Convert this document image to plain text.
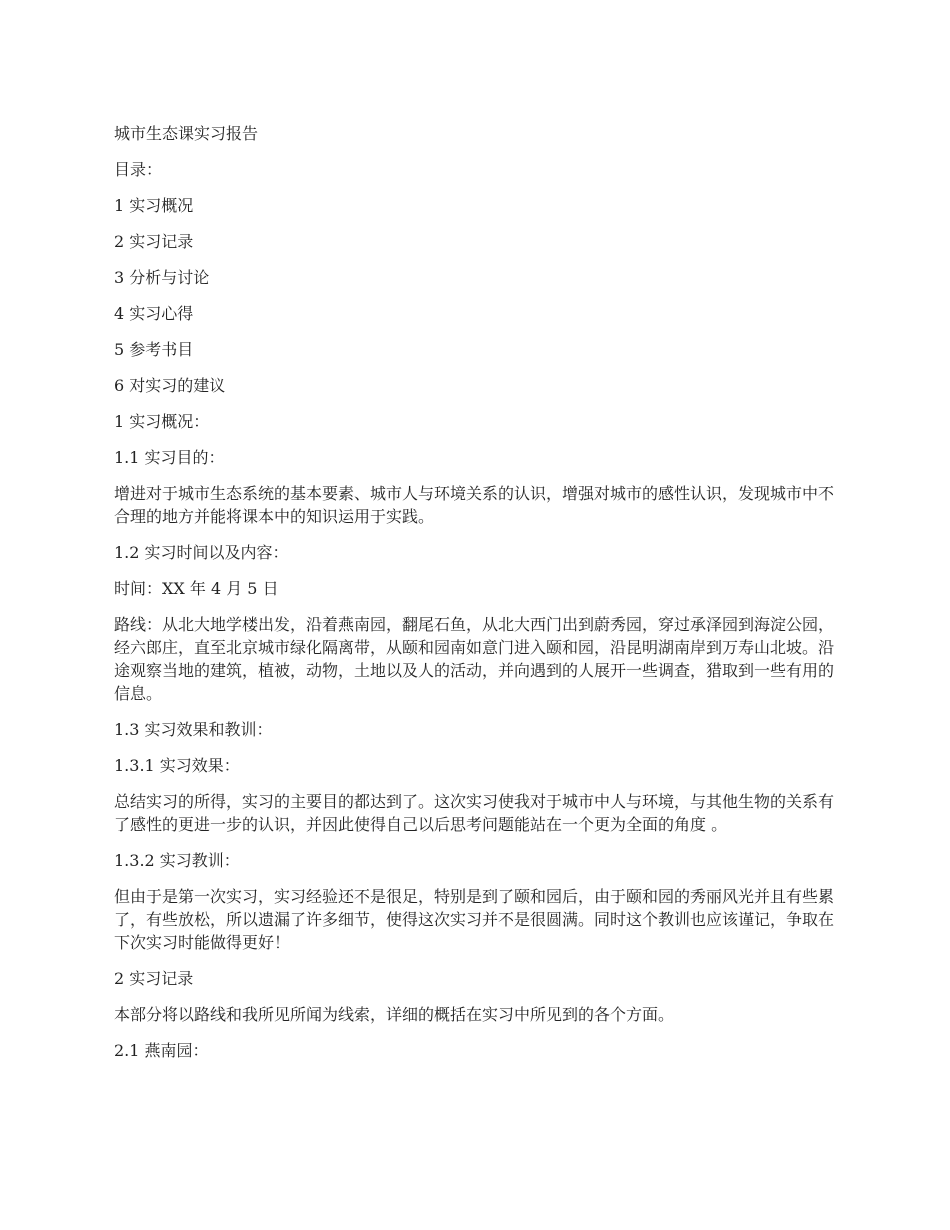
城市生态课实习报告

目录：

1 实习概况

2 实习记录

3 分析与讨论

4 实习心得

5 参考书目

6 对实习的建议

1 实习概况：

1.1 实习目的：

增进对于城市生态系统的基本要素、城市人与环境关系的认识，增强对城市的感性认识，发现城市中不合理的地方并能将课本中的知识运用于实践。

1.2 实习时间以及内容：

时间：XX 年 4 月 5 日

路线：从北大地学楼出发，沿着燕南园，翻尾石鱼，从北大西门出到蔚秀园，穿过承泽园到海淀公园，经六郎庄，直至北京城市绿化隔离带，从颐和园南如意门进入颐和园，沿昆明湖南岸到万寿山北坡。沿途观察当地的建筑，植被，动物，土地以及人的活动，并向遇到的人展开一些调查，猎取到一些有用的信息。

1.3 实习效果和教训：

1.3.1 实习效果：

总结实习的所得，实习的主要目的都达到了。这次实习使我对于城市中人与环境，与其他生物的关系有了感性的更进一步的认识，并因此使得自己以后思考问题能站在一个更为全面的角度 。

1.3.2 实习教训：

但由于是第一次实习，实习经验还不是很足，特别是到了颐和园后，由于颐和园的秀丽风光并且有些累了，有些放松，所以遗漏了许多细节，使得这次实习并不是很圆满。同时这个教训也应该谨记，争取在下次实习时能做得更好！

2 实习记录

本部分将以路线和我所见所闻为线索，详细的概括在实习中所见到的各个方面。

2.1 燕南园：
